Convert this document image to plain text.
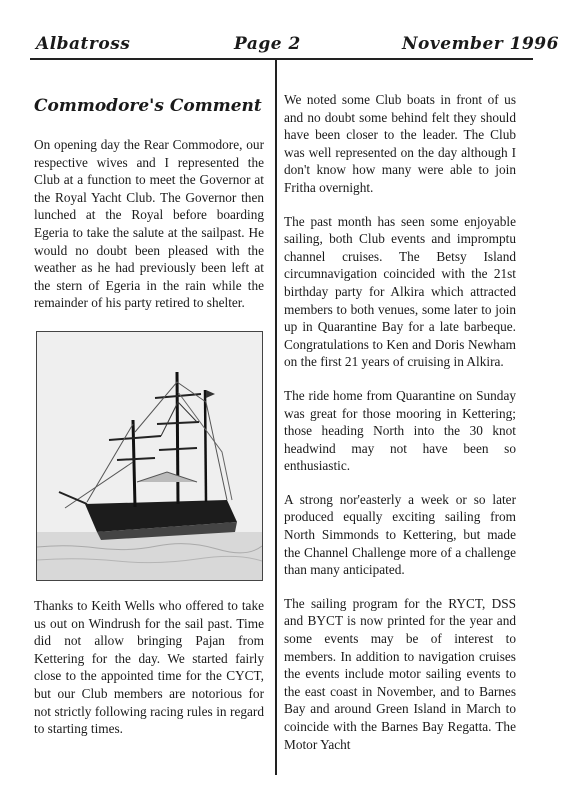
Albatross	Page 2	November 1996
Commodore's Comment

On opening day the Rear Commodore, our respective wives and I represented the Club at a function to meet the Governor at the Royal Yacht Club. The Governor then lunched at the Royal before boarding Egeria to take the salute at the sailpast. He would no doubt been pleased with the weather as he had previously been left at the stern of Egeria in the rain while the remainder of his party retired to shelter.

Thanks to Keith Wells who offered to take us out on Windrush for the sail past. Time did not allow bringing Pajan from Kettering for the day. We started fairly close to the appointed time for the CYCT, but our Club members are notorious for not strictly following racing rules in regard to starting times.

We noted some Club boats in front of us and no doubt some behind felt they should have been closer to the leader. The Club was well represented on the day although I don't know how many were able to join Fritha overnight.

The past month has seen some enjoyable sailing, both Club events and impromptu channel cruises. The Betsy Island circumnavigation coincided with the 21st birthday party for Alkira which attracted members to both venues, some later to join up in Quarantine Bay for a late barbeque. Congratulations to Ken and Doris Newham on the first 21 years of cruising in Alkira.

The ride home from Quarantine on Sunday was great for those mooring in Kettering; those heading North into the 30 knot headwind may not have been so enthusiastic.

A strong nor'easterly a week or so later produced equally exciting sailing from North Simmonds to Kettering, but made the Channel Challenge more of a challenge than many anticipated.

The sailing program for the RYCT, DSS and BYCT is now printed for the year and some events may be of interest to members. In addition to navigation cruises the events include motor sailing events to the east coast in November, and to Barnes Bay and around Green Island in March to coincide with the Barnes Bay Regatta. The Motor Yacht
